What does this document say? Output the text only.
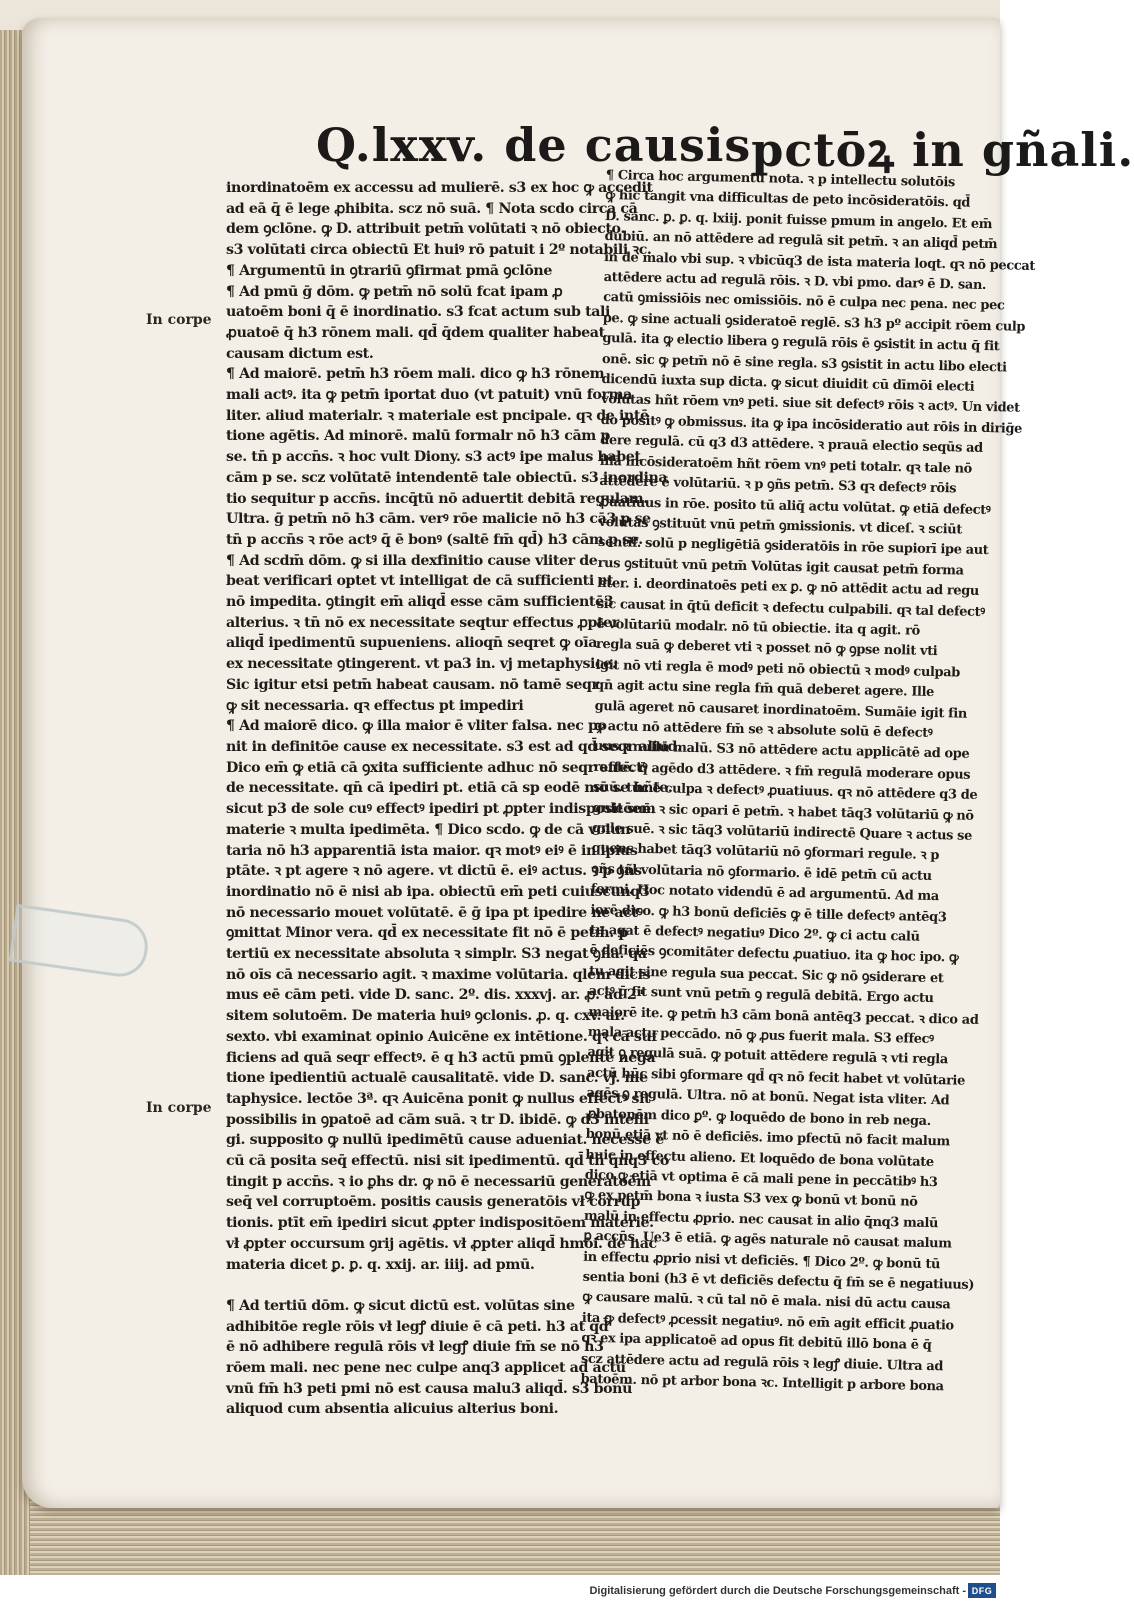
Q.lxxv. de causis pctōꝝ in gñali.
In corpe
In corpe
inordinatoēm ex accessu ad mulierē. s3 ex hoc ꝙ accedit
ad eā q̄ ē lege ꝓhibita. scz nō suā. ¶ Nota scdo circa cā
dem ꝯclōne. ꝙ D. attribuit petm̄ volūtati ꝛ nō obiecto.
s3 volūtati circa obiectū Et huiꝰ rō patuit i 2º notabili ꝛc.
¶ Argumentū in ꝯtrariū ꝯfirmat pmā ꝯclōne
¶ Ad pmū ḡ dōm. ꝙ petm̄ nō solū fcat ipam ꝓ
uatoēm boni q̄ ē inordinatio. s3 fcat actum sub tali
ꝓuatoē q̄ h3 rōnem mali. qd̄ q̄dem qualiter habeat
causam dictum est.
¶ Ad maiorē. petm̄ h3 rōem mali. dico ꝙ h3 rōnem
mali actꝰ. ita ꝙ petm̄ iportat duo (vt patuit) vnū forma
liter. aliud materialr. ꝛ materiale est pncipale. qꝛ de intē
tione agētis. Ad minorē. malū formalr nō h3 cām p
se. tn̄ p accn̄s. ꝛ hoc vult Diony. s3 actꝰ ipe malus habet
cām p se. scz volūtatē intendentē tale obiectū. s3 inordina
tio sequitur p accn̄s. incq̄tū nō aduertit debitā regulam.
Ultra. ḡ petm̄ nō h3 cām. verꝰ rōe malicie nō h3 cā3 p se
tn̄ p accn̄s ꝛ rōe actꝰ q̄ ē bonꝰ (saltē fm̄ qd̄) h3 cām p se.
¶ Ad scdm̄ dōm. ꝙ si illa dexfinitio cause vliter de
beat verificari optet vt intelligat de cā sufficienti et
nō impedita. ꝯtingit em̄ aliqd̄ esse cām sufficientē3
alterius. ꝛ tn̄ nō ex necessitate seqtur effectus ꝓpter
aliqd̄ ipedimentū supueniens. alioqn̄ seqret ꝙ oīa
ex necessitate ꝯtingerent. vt pa3 in. vj metaphysice.
Sic igitur etsi petm̄ habeat causam. nō tamē seqr
ꝙ sit necessaria. qꝛ effectus pt impediri
¶ Ad maiorē dico. ꝙ illa maior ē vliter falsa. nec po
nit in definitōe cause ex necessitate. s3 est ad qd̄ seqr aliud.
Dico em̄ ꝙ etiā cā ꝯxita sufficiente adhuc nō seqr effectꝰ
de necessitate. qn̄ cā ipediri pt. etiā cā sp eodē mō se hñte.
sicut p3 de sole cuꝰ effectꝰ ipediri pt ꝓpter indispositōem
materie ꝛ multa ipedimēta. ¶ Dico scdo. ꝙ de cā volun
taria nō h3 apparentiā ista maior. qꝛ motꝰ eiꝰ ē in ipius
ptāte. ꝛ pt agere ꝛ nō agere. vt dictū ē. eiꝰ actus. ꝛ p ꝯñs
inordinatio nō ē nisi ab ipa. obiectū em̄ peti cuiuscunq3
nō necessario mouet volūtatē. ē ḡ ipa pt ipedire ne actꝰ
ꝯmittat Minor vera. qd̄ ex necessitate fit nō ē petm̄. p
tertiū ex necessitate absoluta ꝛ simplr. S3 negat ꝯña. qa
nō oīs cā necessario agit. ꝛ maxime volūtaria. qlem dicis
mus eē cām peti. vide D. sanc. 2º. dis. xxxvj. ar. ꝓ. ad 2ᵘ
sitem solutoēm. De materia huiꝰ ꝯclonis. ꝓ. q. cxv. ar.
sexto. vbi examinat opinio Auicēne ex intētione. qꝛ cā suf
ficiens ad quā seqr effectꝰ. ē q h3 actū pmū ꝯplentē nega
tione ipedientiū actualē causalitatē. vide D. sanc. vj. me
taphysice. lectōe 3ª. qꝛ Auicēna ponit ꝙ nullus effectꝰ sit
possibilis in ꝯpatoē ad cām suā. ꝛ tr D. ibidē. ꝙ d3 intelli
gi. supposito ꝙ nullū ipedimētū cause adueniat. necesse ē
cū cā posita seq̄ effectū. nisi sit ipedimentū. qd̄ tn̄ q̄nq3 co
tingit p accn̄s. ꝛ io ꝑhs dr. ꝙ nō ē necessariū generatoēm
seq̄ vel corruptoēm. positis causis generatōis vł corrup
tionis. ptīt em̄ ipediri sicut ꝓpter indispositōem materie.
vł ꝓpter occursum ꝯrij agētis. vł ꝓpter aliqd̄ hmōi. de hac
materia dicet ꝑ. ꝑ. q. xxij. ar. iiij. ad pmū.

¶ Ad tertiū dōm. ꝙ sicut dictū est. volūtas sine
adhibitōe regle rōis vł legꝭ diuie ē cā peti. h3 at qd̄
ē nō adhibere regulā rōis vł legꝭ diuie fm̄ se nō h3
rōem mali. nec pene nec culpe anq3 applicet ad actū
vnū fm̄ h3 peti pmi nō est causa malu3 aliqd̄. s3 bonū
aliquod cum absentia alicuius alterius boni.
¶ Circa hoc argumentū nota. ꝛ p intellectu solutōis
ꝙ hic tangit vna difficultas de peto incōsideratōis. qd̄
D. sanc. ꝑ. ꝑ. q. lxiij. ponit fuisse pmum in angelo. Et em̄
dubiū. an nō attēdere ad regulā sit petm̄. ꝛ an aliqd̄ petm̄
in de malo vbi sup. ꝛ vbicūq3 de ista materia loqt. qꝛ nō peccat
attēdere actu ad regulā rōis. ꝛ D. vbi pmo. darꝰ ē D. san.
catū ꝯmissiōis nec omissiōis. nō ē culpa nec pena. nec pec
pe. ꝙ sine actuali ꝯsideratoē reglē. s3 h3 pº accipit rōem culp
gulā. ita ꝙ electio libera ꝯ regulā rōis ē ꝯsistit in actu q̄ fit
onē. sic ꝙ petm̄ nō ē sine regla. s3 ꝯsistit in actu libo electi
dicendū iuxta sup dicta. ꝙ sicut diuidit cū dīmōi electi
volūtas hñt rōem vnꝰ peti. siue sit defectꝰ rōis ꝛ actꝰ. Un videt
do positꝰ ꝙ obmissus. ita ꝙ ipa incōsideratio aut rōis in diriḡe
dere regulā. cū q3 d3 attēdere. ꝛ prauā electio seqūs ad
illā incōsideratoēm hñt rōem vnꝰ peti totalr. qꝛ tale nō
attēdere ē volūtariū. ꝛ p ꝯñs petm̄. S3 qꝛ defectꝰ rōis
ꝓuatiuus in rōe. posito tū aliq̄ actu volūtat. ꝙ etiā defectꝰ
volūtas ꝯstituūt vnū petm̄ ꝯmissionis. vt diceſ. ꝛ sciūt
sentif. solū p negligētiā ꝯsideratōis in rōe supiorī ipe aut
rus ꝯstituūt vnū petm̄ Volūtas igit causat petm̄ forma
liter. i. deordinatoēs peti ex ꝑ. ꝙ nō attēdit actu ad regu
sic causat in q̄tū deficit ꝛ defectu culpabili. qꝛ tal defectꝰ
ē volūtariū modalr. nō tū obiectie. ita q agit. rō
regla suā ꝙ deberet vti ꝛ posset nō ꝙ ꝯpse nolit vti
igit nō vti regla ē modꝰ peti nō obiectū ꝛ modꝰ culpab
qn̄ agit actu sine regla fm̄ quā deberet agere. Ille
gulā ageret nō causaret inordinatoēm. Sumāie igit fin
ꝙ actu nō attēdere fm̄ se ꝛ absolute solū ē defectꝰ
uus ꝛ nullū malū. S3 nō attēdere actu applicātē ad ope
rantē. q̄ agēdo d3 attēdere. ꝛ fm̄ regulā moderare opus
suū. tūc ē culpa ꝛ defectꝰ ꝓuatiuus. qꝛ nō attēdere q3 de
gnle suē. ꝛ sic opari ē petm̄. ꝛ habet tāq3 volūtariū ꝙ nō
gnle suē. ꝛ sic tāq3 volūtariū indirectē Quare ꝛ actus se
quens habet tāq3 volūtariū nō ꝯformari regule. ꝛ p
ꝯñs tal volūtaria nō ꝯformario. ē idē petm̄ cū actu
formi. Hoc notato videndū ē ad argumentū. Ad ma
iorē dico. ꝙ h3 bonū deficiēs ꝙ ē tille defectꝰ antēq3
tu agat ē defectꝰ negatiuꝰ Dico 2º. ꝙ ci actu calū
ē deficiēs ꝯcomitāter defectu ꝓuatiuo. ita ꝙ hoc ipo. ꝙ
tu agit sine regula sua peccat. Sic ꝙ nō ꝯsiderare et
actꝰ q̄ fit sunt vnū petm̄ ꝯ regulā debitā. Ergo actu
maiorē ite. ꝙ petm̄ h3 cām bonā antēq3 peccat. ꝛ dico ad
mala actu peccādo. nō ꝙ ꝓus fuerit mala. S3 effecꝰ
agit ꝯ regulā suā. ꝙ potuit attēdere regulā ꝛ vti regla
actū hūc sibi ꝯformare qd̄ qꝛ nō fecit habet vt volūtarie
agēs ꝯ regulā. Ultra. nō at bonū. Negat ista vliter. Ad
ꝓbatonēm dico ꝑº. ꝙ loquēdo de bono in reb nega.
bonū etiā vt nō ē deficiēs. imo pfectū nō facit malum
huic in effectu alieno. Et loquēdo de bona volūtate
dico ꝙ etiā vt optima ē cā mali pene in peccātibꝰ h3
ꝙ ex petm̄ bona ꝛ iusta S3 vex ꝙ bonū vt bonū nō
malū in effectu ꝓprio. nec causat in alio q̄nq3 malū
ꝑ accn̄s. Ue3 ē etiā. ꝙ agēs naturale nō causat malum
in effectu ꝓprio nisi vt deficiēs. ¶ Dico 2º. ꝙ bonū tū
sentia boni (h3 ē vt deficiēs defectu q̄ fm̄ se ē negatiuus)
ꝙ causare malū. ꝛ cū tal nō ē mala. nisi dū actu causa
ita ꝙ defectꝰ ꝓcessit negatiuꝰ. nō em̄ agit efficit ꝓuatio
qꝛ ex ipa applicatoē ad opus fit debitū illō bona ē q̄
scz attēdere actu ad regulā rōis ꝛ legꝭ diuie. Ultra ad
batoēm. nō pt arbor bona ꝛc. Intelligit p arbore bona
Digitalisierung gefördert durch die Deutsche Forschungsgemeinschaft - DFG
